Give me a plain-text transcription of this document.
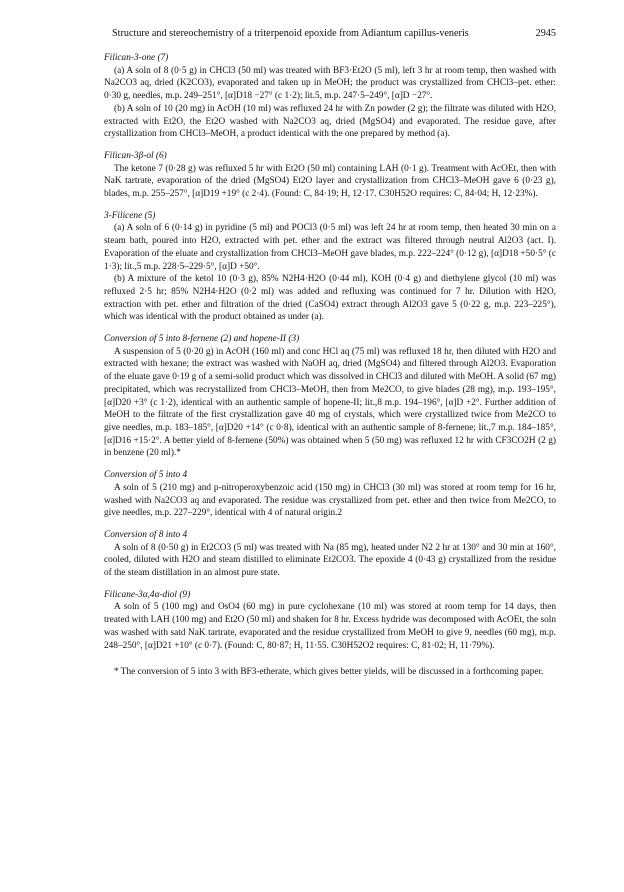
Structure and stereochemistry of a triterpenoid epoxide from Adiantum capillus-veneris	2945
Filican-3-one (7)

(a) A soln of 8 (0·5 g) in CHCl3 (50 ml) was treated with BF3·Et2O (5 ml), left 3 hr at room temp, then washed with Na2CO3 aq, dried (K2CO3), evaporated and taken up in MeOH; the product was crystallized from CHCl3–pet. ether: 0·30 g, needles, m.p. 249–251°, [α]D18 −27° (c 1·2); lit.5, m.p. 247·5–249°, [α]D −27°.

(b) A soln of 10 (20 mg) in AcOH (10 ml) was refluxed 24 hr with Zn powder (2 g); the filtrate was diluted with H2O, extracted with Et2O, the Et2O washed with Na2CO3 aq, dried (MgSO4) and evaporated. The residue gave, after crystallization from CHCl3–MeOH, a product identical with the one prepared by method (a).

Filican-3β-ol (6)

The ketone 7 (0·28 g) was refluxed 5 hr with Et2O (50 ml) containing LAH (0·1 g). Treatment with AcOEt, then with NaK tartrate, evaporation of the dried (MgSO4) Et2O layer and crystallization from CHCl3–MeOH gave 6 (0·23 g), blades, m.p. 255–257°, [α]D19 +19° (c 2·4). (Found: C, 84·19; H, 12·17. C30H52O requires: C, 84·04; H, 12·23%).

3-Filicene (5)

(a) A soln of 6 (0·14 g) in pyridine (5 ml) and POCl3 (0·5 ml) was left 24 hr at room temp, then heated 30 min on a steam bath, poured into H2O, extracted with pet. ether and the extract was filtered through neutral Al2O3 (act. I). Evaporation of the eluate and crystallization from CHCl3–MeOH gave blades, m.p. 222–224° (0·12 g), [α]D18 +50·5° (c 1·3); lit.,5 m.p. 228·5–229·5°, [α]D +50°.

(b) A mixture of the ketol 10 (0·3 g), 85% N2H4·H2O (0·44 ml), KOH (0·4 g) and diethylene glycol (10 ml) was refluxed 2·5 hr; 85% N2H4·H2O (0·2 ml) was added and refluxing was continued for 7 hr. Dilution with H2O, extraction with pet. ether and filtration of the dried (CaSO4) extract through Al2O3 gave 5 (0·22 g, m.p. 223–225°), which was identical with the product obtained as under (a).

Conversion of 5 into 8-fernene (2) and hopene-II (3)

A suspension of 5 (0·20 g) in AcOH (160 ml) and conc HCl aq (75 ml) was refluxed 18 hr, then diluted with H2O and extracted with hexane; the extract was washed with NaOH aq, dried (MgSO4) and filtered through Al2O3. Evaporation of the eluate gave 0·19 g of a semi-solid product which was dissolved in CHCl3 and diluted with MeOH. A solid (67 mg) precipitated, which was recrystallized from CHCl3–MeOH, then from Me2CO, to give blades (28 mg), m.p. 193–195°, [α]D20 +3° (c 1·2), identical with an authentic sample of hopene-II; lit.,8 m.p. 194–196°, [α]D +2°. Further addition of MeOH to the filtrate of the first crystallization gave 40 mg of crystals, which were crystallized twice from Me2CO to give needles, m.p. 183–185°, [α]D20 +14° (c 0·8), identical with an authentic sample of 8-fernene; lit.,7 m.p. 184–185°, [α]D16 +15·2°. A better yield of 8-fernene (50%) was obtained when 5 (50 mg) was refluxed 12 hr with CF3CO2H (2 g) in benzene (20 ml).*

Conversion of 5 into 4

A soln of 5 (210 mg) and p-nitroperoxybenzoic acid (150 mg) in CHCl3 (30 ml) was stored at room temp for 16 hr, washed with Na2CO3 aq and evaporated. The residue was crystallized from pet. ether and then twice from Me2CO, to give needles, m.p. 227–229°, identical with 4 of natural origin.2

Conversion of 8 into 4

A soln of 8 (0·50 g) in Et2CO3 (5 ml) was treated with Na (85 mg), heated under N2 2 hr at 130° and 30 min at 160°, cooled, diluted with H2O and steam distilled to eliminate Et2CO3. The epoxide 4 (0·43 g) crystallized from the residue of the steam distillation in an almost pure state.

Filicane-3α,4α-diol (9)

A soln of 5 (100 mg) and OsO4 (60 mg) in pure cyclohexane (10 ml) was stored at room temp for 14 days, then treated with LAH (100 mg) and Et2O (50 ml) and shaken for 8 hr. Excess hydride was decomposed with AcOEt, the soln was washed with satd NaK tartrate, evaporated and the residue crystallized from MeOH to give 9, needles (60 mg), m.p. 248–250°, [α]D21 +10° (c 0·7). (Found: C, 80·87; H, 11·55. C30H52O2 requires: C, 81·02; H, 11·79%).

* The conversion of 5 into 3 with BF3-etherate, which gives better yields, will be discussed in a forthcoming paper.
